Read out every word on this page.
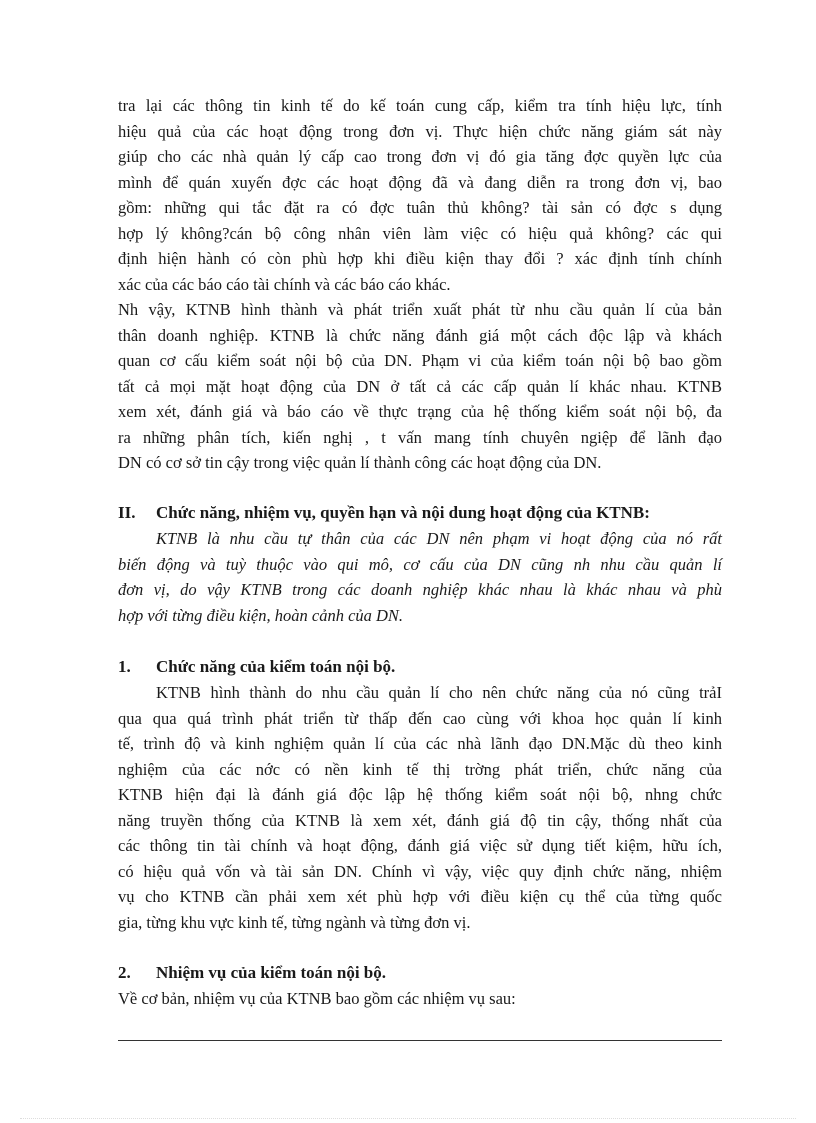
tra lại các thông tin kinh tế do kế toán cung cấp, kiểm tra tính hiệu lực, tính
hiệu quả của các hoạt động trong đơn vị. Thực hiện chức năng giám sát này
giúp cho các nhà quản lý cấp cao trong đơn vị đó gia tăng đợc quyền lực của
mình để quán xuyến đợc các hoạt động đã và đang diễn ra trong đơn vị, bao
gồm: những qui tắc đặt ra có đợc tuân thủ không? tài sản có đợc s dụng
hợp lý không?cán bộ công nhân viên làm việc có hiệu quả không? các qui
định hiện hành có còn phù hợp khi điều kiện thay đổi ? xác định tính chính
xác của các báo cáo tài chính và các báo cáo khác.
Nh vậy, KTNB hình thành và phát triển xuất phát từ nhu cầu quản lí của bản
thân doanh nghiệp. KTNB là chức năng đánh giá một cách độc lập và khách
quan cơ cấu kiểm soát nội bộ của DN. Phạm vi của kiểm toán nội bộ bao gồm
tất cả mọi mặt hoạt động của DN ở tất cả các cấp quản lí khác nhau. KTNB
xem xét, đánh giá và báo cáo về thực trạng của hệ thống kiểm soát nội bộ, đa
ra những phân tích, kiến nghị , t vấn mang tính chuyên ngiệp để lãnh đạo
DN có cơ sở tin cậy trong việc quản lí thành công các hoạt động của DN.
II. Chức năng, nhiệm vụ, quyền hạn và nội dung hoạt động của KTNB:
KTNB là nhu cầu tự thân của các DN nên phạm vi hoạt động của nó rất
biến động và tuỳ thuộc vào qui mô, cơ cấu của DN cũng nh nhu cầu quản lí
đơn vị, do vậy KTNB trong các doanh nghiệp khác nhau là khác nhau và phù
hợp với từng điều kiện, hoàn cảnh của DN.
1. Chức năng của kiểm toán nội bộ.
KTNB hình thành do nhu cầu quản lí cho nên chức năng của nó cũng trảI
qua qua quá trình phát triển từ thấp đến cao cùng với khoa học quản lí kinh
tế, trình độ và kinh nghiệm quản lí của các nhà lãnh đạo DN.Mặc dù theo kinh
nghiệm của các nớc có nền kinh tế thị trờng phát triển, chức năng của
KTNB hiện đại là đánh giá độc lập hệ thống kiểm soát nội bộ, nhng chức
năng truyền thống của KTNB là xem xét, đánh giá độ tin cậy, thống nhất của
các thông tin tài chính và hoạt động, đánh giá việc sử dụng tiết kiệm, hữu ích,
có hiệu quả vốn và tài sản DN. Chính vì vậy, việc quy định chức năng, nhiệm
vụ cho KTNB cần phải xem xét phù hợp với điều kiện cụ thể của từng quốc
gia, từng khu vực kinh tế, từng ngành và từng đơn vị.
2. Nhiệm vụ của kiểm toán nội bộ.
Về cơ bản, nhiệm vụ của KTNB bao gồm các nhiệm vụ sau:
